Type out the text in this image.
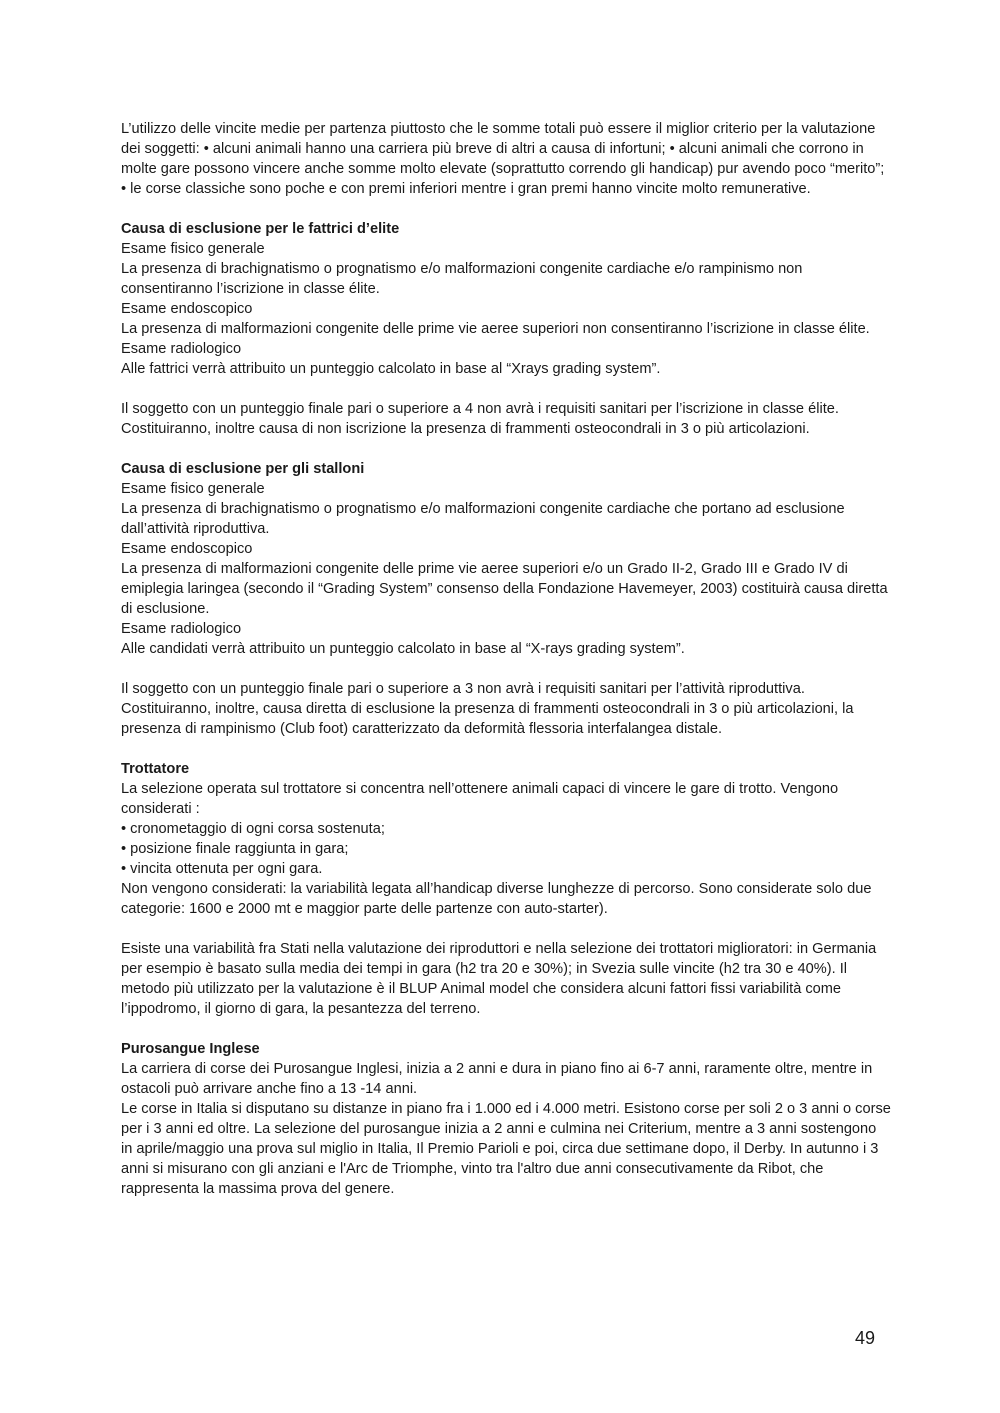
L’utilizzo delle vincite medie per partenza piuttosto che le somme totali può essere il miglior criterio per la valutazione dei soggetti: • alcuni animali hanno una carriera più breve di altri a causa di infortuni; • alcuni animali che corrono in molte gare possono vincere anche somme molto elevate (soprattutto correndo gli handicap) pur avendo poco “merito”; • le corse classiche sono poche e con premi inferiori mentre i gran premi hanno vincite molto remunerative.

Causa di esclusione per le fattrici d’elite

Esame fisico generale

La presenza di brachignatismo o prognatismo e/o malformazioni congenite cardiache e/o rampinismo non consentiranno l’iscrizione in classe élite.

Esame endoscopico

La presenza di malformazioni congenite delle prime vie aeree superiori non consentiranno l’iscrizione in classe élite.

Esame radiologico

Alle fattrici verrà attribuito un punteggio calcolato in base al “Xrays grading system”.

Il soggetto con un punteggio finale pari o superiore a 4 non avrà i requisiti sanitari per l’iscrizione in classe élite. Costituiranno, inoltre causa di non iscrizione la presenza di frammenti osteocondrali in 3 o più articolazioni.

Causa di esclusione per gli stalloni

Esame fisico generale

La presenza di brachignatismo o prognatismo e/o malformazioni congenite cardiache che portano ad esclusione dall’attività riproduttiva.

Esame endoscopico

La presenza di malformazioni congenite delle prime vie aeree superiori e/o un Grado II-2, Grado III e Grado IV di emiplegia laringea (secondo il “Grading System” consenso della Fondazione Havemeyer, 2003) costituirà causa diretta di esclusione.

Esame radiologico

Alle candidati verrà attribuito un punteggio calcolato in base al “X-rays grading system”.

Il soggetto con un punteggio finale pari o superiore a 3 non avrà i requisiti sanitari per l’attività riproduttiva. Costituiranno, inoltre, causa diretta di esclusione la presenza di frammenti osteocondrali in 3 o più articolazioni, la presenza di rampinismo (Club foot) caratterizzato da deformità flessoria interfalangea distale.

Trottatore

La selezione operata sul trottatore si concentra nell’ottenere animali capaci di vincere le gare di trotto. Vengono considerati :

• cronometaggio di ogni corsa sostenuta;

• posizione finale raggiunta in gara;

• vincita ottenuta per ogni gara.

Non vengono considerati: la variabilità legata all’handicap diverse lunghezze di percorso. Sono considerate solo due categorie: 1600 e 2000 mt e maggior parte delle partenze con auto-starter).

Esiste una variabilità fra Stati nella valutazione dei riproduttori e nella selezione dei trottatori miglioratori: in Germania per esempio è basato sulla media dei tempi in gara (h2 tra 20 e 30%); in Svezia sulle vincite (h2 tra 30 e 40%). Il metodo più utilizzato per la valutazione è il BLUP Animal model che considera alcuni fattori fissi variabilità come l’ippodromo, il giorno di gara, la pesantezza del terreno.

Purosangue Inglese

La carriera di corse dei Purosangue Inglesi, inizia a 2 anni e dura in piano fino ai 6-7 anni, raramente oltre, mentre in ostacoli può arrivare anche fino a 13 -14 anni.

Le corse in Italia si disputano su distanze in piano fra i 1.000 ed i 4.000 metri. Esistono corse per soli 2 o 3 anni o corse per i 3 anni ed oltre. La selezione del purosangue inizia a 2 anni e culmina nei Criterium, mentre a 3 anni sostengono in aprile/maggio una prova sul miglio in Italia, Il Premio Parioli e poi, circa due settimane dopo, il Derby. In autunno i 3 anni si misurano con gli anziani e l'Arc de Triomphe, vinto tra l'altro due anni consecutivamente da Ribot, che rappresenta la massima prova del genere.

49
